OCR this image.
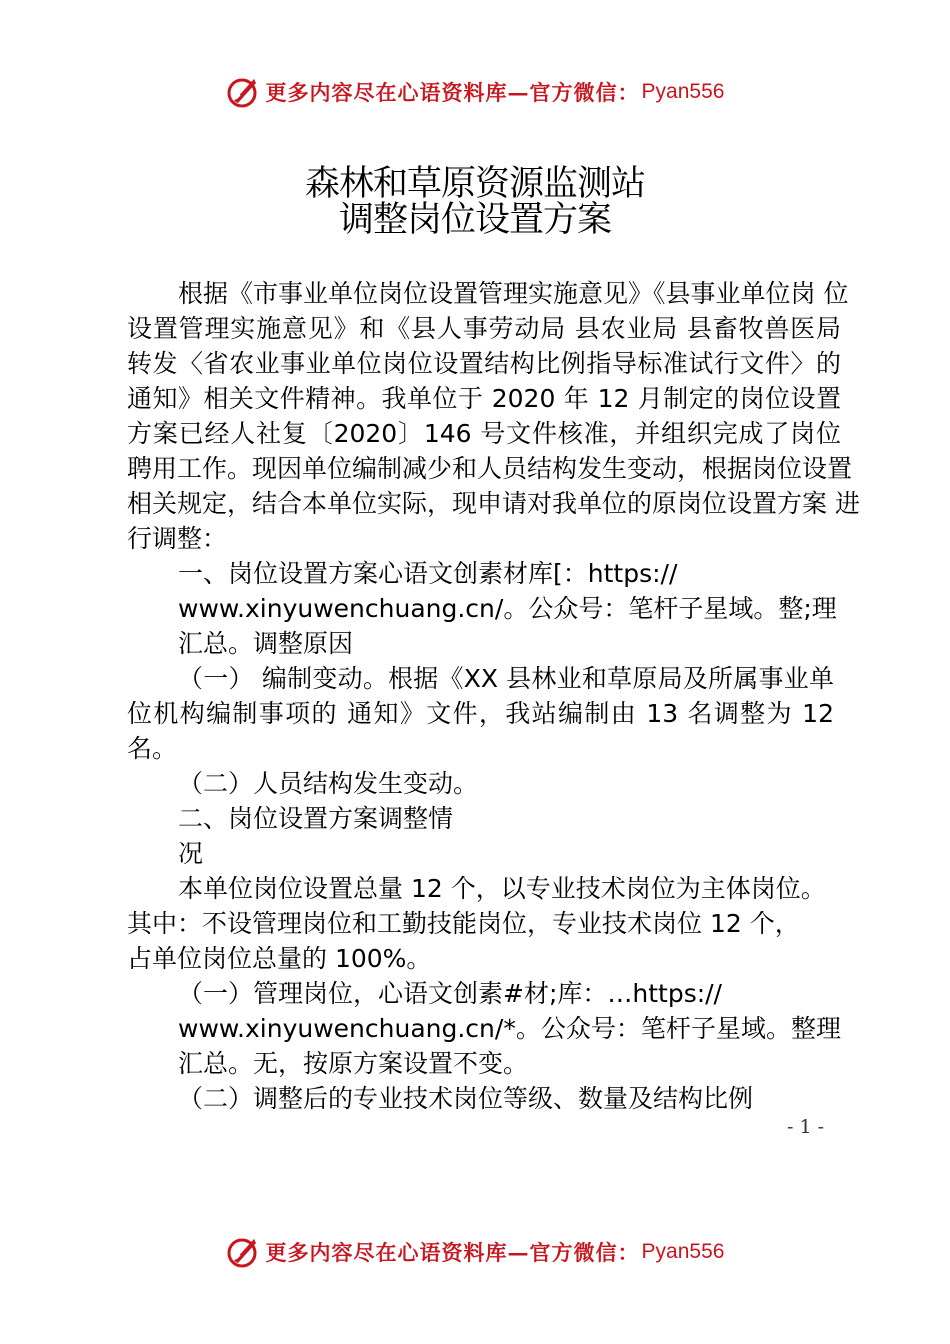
更多内容尽在心语资料库—官方微信： Pyan556
森林和草原资源监测站
调整岗位设置方案
根据《市事业单位岗位设置管理实施意见》《县事业单位岗 位
设置管理实施意见》和《县人事劳动局 县农业局 县畜牧兽医局
转发〈省农业事业单位岗位设置结构比例指导标准试行文件〉的
通知》相关文件精神。我单位于 2020 年 12 月制定的岗位设置
方案已经人社复〔2020〕146 号文件核准，并组织完成了岗位
聘用工作。现因单位编制减少和人员结构发生变动，根据岗位设置
相关规定，结合本单位实际，现申请对我单位的原岗位设置方案 进
行调整：
一、岗位设置方案心语文创素材库[：https://
www.xinyuwenchuang.cn/。公众号：笔杆子星域。整;理
汇总。调整原因
（一） 编制变动。根据《XX 县林业和草原局及所属事业单
位机构编制事项的 通知》文件，我站编制由 13 名调整为 12
名。
（二）人员结构发生变动。
二、岗位设置方案调整情
况
本单位岗位设置总量 12 个，以专业技术岗位为主体岗位。
其中：不设管理岗位和工勤技能岗位，专业技术岗位 12 个，
占单位岗位总量的 100%。
（一）管理岗位，心语文创素#材;库：…https://
www.xinyuwenchuang.cn/*。公众号：笔杆子星域。整理
汇总。无，按原方案设置不变。
（二）调整后的专业技术岗位等级、数量及结构比例
- 1 -
更多内容尽在心语资料库—官方微信： Pyan556
